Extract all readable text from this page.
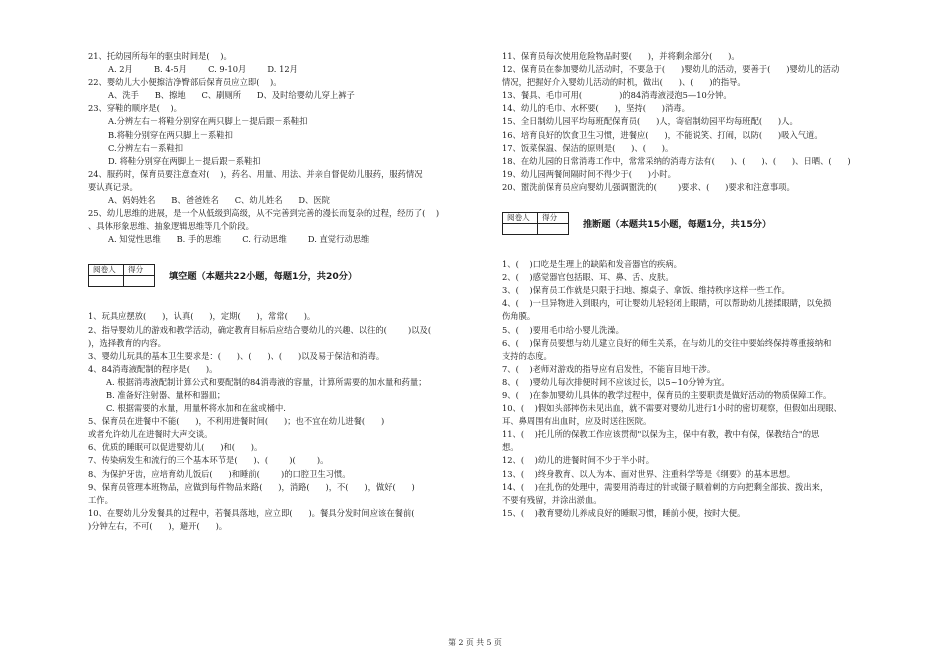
21、托幼园所每年的驱虫时间是(    )。
A. 2月        B. 4-5月        C. 9-10月        D. 12月
22、婴幼儿大小便擦洁净臀部后保育员应立即(    )。
A、洗手      B、擦地      C、刷厕所      D、及时给婴幼儿穿上裤子
23、穿鞋的顺序是(    )。
A.分辨左右－将鞋分别穿在两只脚上－提后跟－系鞋扣
B.将鞋分别穿在两只脚上－系鞋扣
C.分辨左右－系鞋扣
D. 将鞋分别穿在两脚上－提后跟－系鞋扣
24、服药时，保育员要注意查对(    )，药名、用量、用法、并亲自督促幼儿服药，服药情况
要认真记录。
A、妈妈姓名      B、爸爸姓名      C、幼儿姓名      D、医院
25、幼儿思维的进展，是一个从低级到高级，从不完善到完善的漫长而复杂的过程，经历了(    )
、具体形象思维、抽象逻辑思维等几个阶段。
A. 知觉性思维      B. 手的思维        C. 行动思维        D. 直觉行动思维
阅卷人	得分

填空题（本题共22小题，每题1分，共20分）
1、玩具应摆放(      )，认真(      )，定期(      )，常常(      )。
2、指导婴幼儿的游戏和教学活动，确定教育目标后应结合婴幼儿的兴趣、以往的(        )以及(
)，选择教育的内容。
3、婴幼儿玩具的基本卫生要求是：(      )、(      )、(      )以及易于保洁和消毒。
4、84消毒液配制的程序是(      )。
A. 根据消毒液配制计算公式和要配制的84消毒液的容量，计算所需要的加水量和药量；
B. 准备好注射器、量杯和器皿；
C. 根据需要的水量，用量杯将水加和在盆或桶中.
5、保育员在进餐中不能(      )，不利用进餐时间(      )；也不宜在幼儿进餐(      )
或者允许幼儿在进餐时大声交谈。
6、优质的睡眠可以促进婴幼儿(      )和(      )。
7、传染病发生和流行的三个基本环节是(      )、(        )(        )。
8、为保护牙齿，应培育幼儿饭后(      )和睡前(        )的口腔卫生习惯。
9、保育员管理本班物品，应做到每件物品来路(      )，消路(      )，不(      )，做好(      )
工作。
10、在婴幼儿分发餐具的过程中，若餐具落地，应立即(      )。餐具分发时间应该在餐前(
)分钟左右，不可(      )，避开(      )。
11、保育员每次使用危险物品时要(      )，并将剩余部分(      )。
12、保育员在参加婴幼儿活动时，不要急于(      )婴幼儿的活动，要善于(      )婴幼儿的活动
情况，把握好介入婴幼儿活动的时机，做出(      )、(      )的指导。
13、餐具、毛巾可用(              )的84消毒液浸泡5—10分钟。
14、幼儿的毛巾、水杯要(      )，坚持(      )消毒。
15、全日制幼儿园平均每班配保育员(      )人，寄宿制幼园平均每班配(      )人。
16、培育良好的饮食卫生习惯，进餐应(      )，不能说笑、打闹，以防(      )吸入气道。
17、饭菜保温、保洁的原则是(      )、(      )。
18、在幼儿园的日常消毒工作中，常常采纳的消毒方法有(      )、(      )、(      )、日晒、(      )
19、幼儿园两餐间隔时间不得少于(      )小时。
20、盥洗前保育员应向婴幼儿强调盥洗的(        )要求、(      )要求和注意事项。
阅卷人	得分

推断题（本题共15小题，每题1分，共15分）
1、(    )口吃是生理上的缺陷和发音器官的疾病。
2、(    )感觉器官包括眼、耳、鼻、舌、皮肤。
3、(    )保育员工作就是只限于扫地、擦桌子、拿饭、维持秩序这样一些工作。
4、(    )一旦异物进入到眼内，可让婴幼儿轻轻闭上眼睛，可以帮助幼儿搓揉眼睛，以免损
伤角膜。
5、(    )要用毛巾给小婴儿洗澡。
6、(    )保育员要想与幼儿建立良好的师生关系，在与幼儿的交往中要始终保持尊重接纳和
支持的态度。
7、(    )老师对游戏的指导应有启发性，不能盲目地干涉。
8、(    )婴幼儿每次排便时间不应该过长，以5~10分钟为宜。
9、(    )在参加婴幼儿具体的教学过程中，保育员的主要职责是做好活动的物质保障工作。
10、(    )假如头部摔伤未见出血，就不需要对婴幼儿进行1小时的密切观察，但假如出现眼、
耳、鼻周围有出血时，应及时送往医院。
11、(    )托儿所的保教工作应该贯彻"以保为主，保中有教，教中有保，保教结合"的思
想。
12、(    )幼儿的进餐时间不少于半小时。
13、(    )终身教育、以人为本、面对世界、注重科学等是《纲要》的基本思想。
14、(    )在扎伤的处理中，需要用消毒过的针或镊子顺着刺的方向把剩全部拔、拨出来，
不要有残留，并涂出淤血。
15、(    )教育婴幼儿养成良好的睡眠习惯，睡前小便，按时大便。
第 2 页 共 5 页
